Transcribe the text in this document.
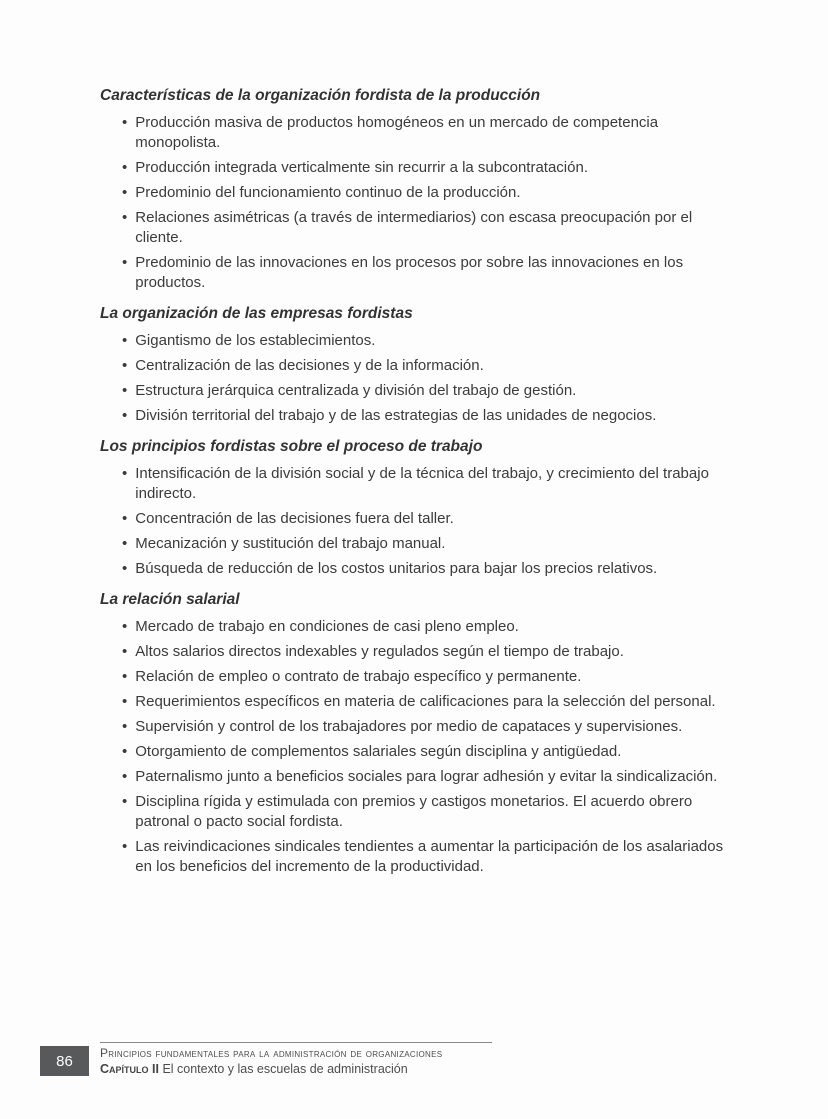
Características de la organización fordista de la producción
• Producción masiva de productos homogéneos en un mercado de competencia monopolista.
• Producción integrada verticalmente sin recurrir a la subcontratación.
• Predominio del funcionamiento continuo de la producción.
• Relaciones asimétricas (a través de intermediarios) con escasa preocupación por el cliente.
• Predominio de las innovaciones en los procesos por sobre las innovaciones en los productos.
La organización de las empresas fordistas
• Gigantismo de los establecimientos.
• Centralización de las decisiones y de la información.
• Estructura jerárquica centralizada y división del trabajo de gestión.
• División territorial del trabajo y de las estrategias de las unidades de negocios.
Los principios fordistas sobre el proceso de trabajo
• Intensificación de la división social y de la técnica del trabajo, y crecimiento del trabajo indirecto.
• Concentración de las decisiones fuera del taller.
• Mecanización y sustitución del trabajo manual.
• Búsqueda de reducción de los costos unitarios para bajar los precios relativos.
La relación salarial
• Mercado de trabajo en condiciones de casi pleno empleo.
• Altos salarios directos indexables y regulados según el tiempo de trabajo.
• Relación de empleo o contrato de trabajo específico y permanente.
• Requerimientos específicos en materia de calificaciones para la selección del personal.
• Supervisión y control de los trabajadores por medio de capataces y supervisiones.
• Otorgamiento de complementos salariales según disciplina y antigüedad.
• Paternalismo junto a beneficios sociales para lograr adhesión y evitar la sindicalización.
• Disciplina rígida y estimulada con premios y castigos monetarios. El acuerdo obrero patronal o pacto social fordista.
• Las reivindicaciones sindicales tendientes a aumentar la participación de los asalariados en los beneficios del incremento de la productividad.
86 Principios fundamentales para la administración de organizaciones
Capítulo II El contexto y las escuelas de administración
